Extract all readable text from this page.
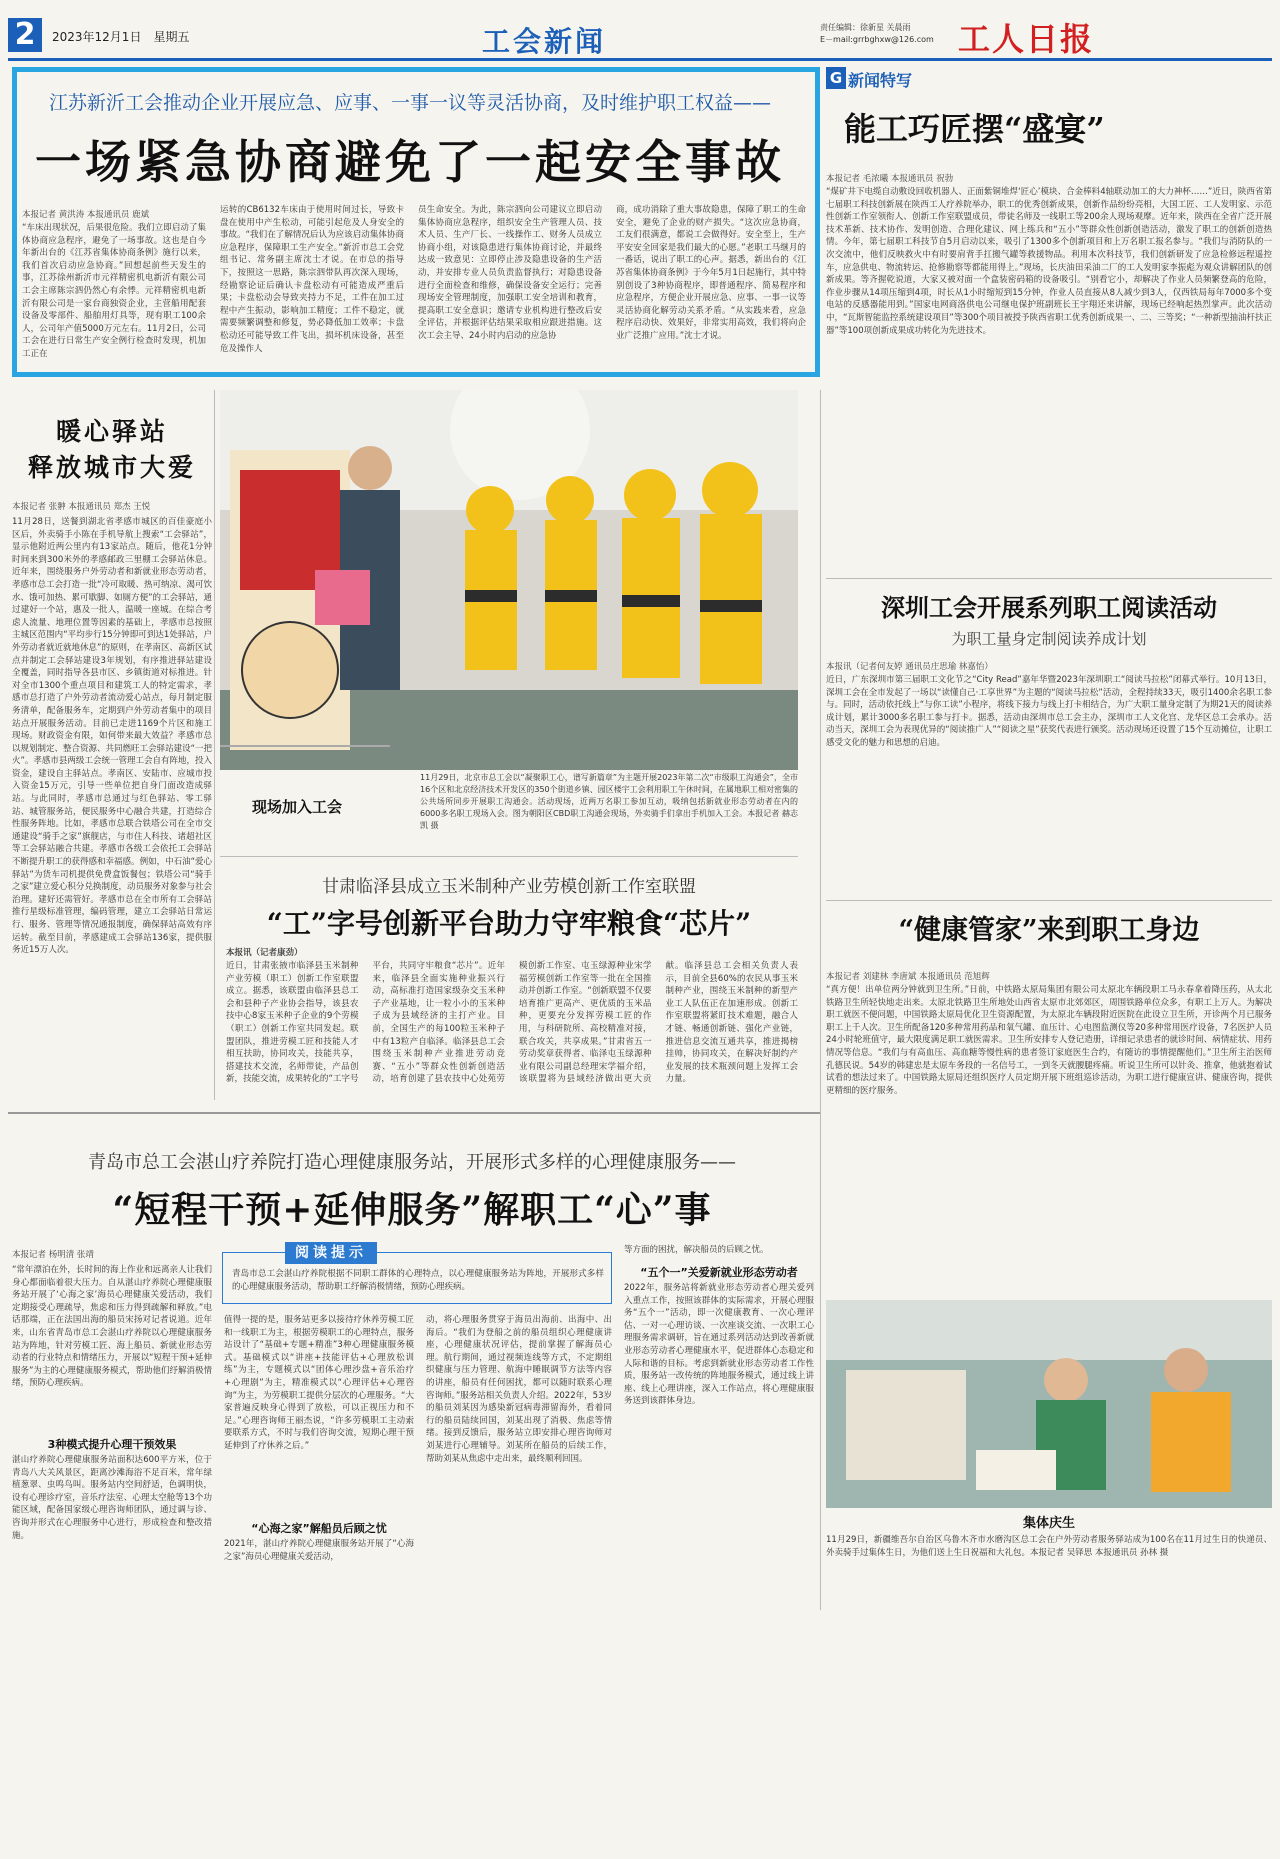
2	2023年12月1日　星期五	工会新闻	责任编辑：徐新星 关晨雨
E－mail:grrbghxw@126.com 工人日报
江苏新沂工会推动企业开展应急、应事、一事一议等灵活协商，及时维护职工权益——
一场紧急协商避免了一起安全事故
本报记者 黄洪涛 本报通讯员 鹿斌
“车床出现状况，后果很危险。我们立即启动了集体协商应急程序，避免了一场事故。这也是自今年新出台的《江苏省集体协商条例》施行以来，我们首次启动应急协商。”回想起前些天发生的事，江苏徐州新沂市元祥精密机电新沂有限公司工会主席陈宗泗仍然心有余悸。元祥精密机电新沂有限公司是一家台商独资企业，主营船用配套设备及零部件、船舶用灯具等，现有职工100余人，公司年产值5000万元左右。11月2日，公司工会在进行日常生产安全例行检查时发现，机加工正在
运转的CB6132车床由于使用时间过长，导致卡盘在使用中产生松动，可能引起危及人身安全的事故。“我们在了解情况后认为应该启动集体协商应急程序，保障职工生产安全。”新沂市总工会党组书记、常务副主席沈士才说。在市总的指导下，按照这一思路，陈宗泗带队再次深入现场，经勘察论证后确认卡盘松动有可能造成严重后果；卡盘松动会导致夹持力不足，工件在加工过程中产生振动，影响加工精度；工件不稳定，就需要频繁调整和修复，势必降低加工效率；卡盘松动还可能导致工件飞出，损坏机床设备，甚至危及操作人
员生命安全。为此，陈宗泗向公司建议立即启动集体协商应急程序，组织安全生产管理人员、技术人员、生产厂长、一线操作工、财务人员成立协商小组，对该隐患进行集体协商讨论，并最终达成一致意见：立即停止涉及隐患设备的生产活动，并安排专业人员负责监督执行；对隐患设备进行全面检查和维修，确保设备安全运行；完善现场安全管理制度，加强职工安全培训和教育，提高职工安全意识；邀请专业机构进行整改后安全评估，并根据评估结果采取相应跟进措施。这次工会主导、24小时内启动的应急协
商，成功消除了重大事故隐患，保障了职工的生命安全，避免了企业的财产损失。“这次应急协商，工友们很满意，都说工会做得好。安全至上，生产平安安全回家是我们最大的心愿。”老职工马继月的一番话，说出了职工的心声。据悉，新出台的《江苏省集体协商条例》于今年5月1日起施行，其中特别创设了3种协商程序，即普通程序、简易程序和应急程序，方便企业开展应急、应事、一事一议等灵活协商化解劳动关系矛盾。“从实践来看，应急程序启动快、效果好，非常实用高效，我们将向企业广泛推广应用。”沈士才说。
G 新闻特写
能工巧匠摆“盛宴”
本报记者 毛浓曦 本报通讯员 祝勃
“煤矿井下电缆自动敷设回收机器人、正面紫铜堆焊‘匠心’模块、合金棒料4轴联动加工的大力神杯……”近日，陕西省第七届职工科技创新展在陕西工人疗养院举办，职工的优秀创新成果，创新作品纷纷亮相，大国工匠、工人发明家、示范性创新工作室领衔人、创新工作室联盟成员，带徒名师及一线职工等200余人现场观摩。近年来，陕西在全省广泛开展技术革新、技术协作、发明创造、合理化建议、网上练兵和“五小”等群众性创新创造活动，激发了职工的创新创造热情。今年，第七届职工科技节自5月启动以来，吸引了1300多个创新项目和上万名职工报名参与。“我们与消防队的一次交流中，他们反映救火中有时要肩背手扛搬气罐等救援物品。利用本次科技节，我们创新研发了应急检修远程遥控车，应急供电、物流转运、抢修勘察等都能用得上。”现场，长庆油田采油二厂的工人发明家李振彪为观众讲解团队的创新成果。等齐握乾说道，大家又被对面一个盒装密码箱的设备吸引。“别看它小，却解决了作业人员频繁登高的危险，作业步骤从14项压缩到4项，时长从1小时缩短到15分钟，作业人员直接从8人减少到3人，仅西铁局每年7000多个变电站的反感器能用到。”国家电网商洛供电公司继电保护班副班长王宇翔还来讲解，现场已经响起热烈掌声。此次活动中，“瓦斯智能监控系统建设项目”等300个项目被授予陕西省职工优秀创新成果一、二、三等奖；“一种新型抽油杆扶正器”等100项创新成果成功转化为先进技术。
深圳工会开展系列职工阅读活动
为职工量身定制阅读养成计划
本报讯（记者何友婷 通讯员庄思瑜 林嘉怡）
近日，广东深圳市第三届职工文化节之“City Read”嘉年华暨2023年深圳职工“阅读马拉松”闭幕式举行。10月13日，深圳工会在全市发起了一场以“读懂自己·工享世界”为主题的“阅读马拉松”活动，全程持续33天，吸引1400余名职工参与。同时，活动依托线上“与你工读”小程序，将线下接力与线上打卡相结合，为广大职工量身定制了为期21天的阅读养成计划，累计3000多名职工参与打卡。据悉，活动由深圳市总工会主办，深圳市工人文化宫、龙华区总工会承办。活动当天，深圳工会为表现优异的“阅读推广人”“阅读之星”获奖代表进行颁奖。活动现场还设置了15个互动摊位，让职工感受文化的魅力和思想的启迪。
“健康管家”来到职工身边
本报记者 刘建林 李唐斌 本报通讯员 范旭辉
“真方便！出单位两分钟就到卫生所。”日前，中铁路太原局集团有限公司太原北车辆段职工马永春拿着降压药，从太北铁路卫生所轻快地走出来。太原北铁路卫生所地处山西省太原市北郊郊区，周围铁路单位众多，有职工上万人。为解决职工就医不便问题，中国铁路太原局优化卫生资源配置，为太原北车辆段附近医院在此设立卫生所，开诊两个月已服务职工上千人次。卫生所配备120多种常用药品和氧气罐、血压计、心电图监测仪等20多种常用医疗设备，7名医护人员24小时轮班值守，最大限度满足职工就医需求。卫生所安排专人登记造册，详细记录患者的就诊时间、病情症状、用药情况等信息。“我们与有高血压、高血糖等慢性病的患者签订家庭医生合约，有随访的事情提醒他们。”卫生所主治医师孔德民说。54岁的韩建忠是太原车务段的一名信号工，一到冬天就腰腿疼痛。听说卫生所可以针灸、推拿，他就抱着试试看的想法过来了。中国铁路太原局还组织医疗人员定期开展下班组巡诊活动，为职工进行健康宣讲、健康咨询，提供更精细的医疗服务。
集体庆生
11月29日，新疆维吾尔自治区乌鲁木齐市水磨沟区总工会在户外劳动者服务驿站成为100名在11月过生日的快递员、外卖骑手过集体生日，为他们送上生日祝福和大礼包。本报记者 吴铎思 本报通讯员 孙林 摄
暖心驿站
释放城市大爱
本报记者 张翀 本报通讯员 郑杰 王悦
11月28日，送餐到湖北省孝感市城区的百佳豪庭小区后，外卖骑手小陈在手机导航上搜索“工会驿站”，显示他附近两公里内有13家站点。随后，他花1分钟时间来到300米外的孝感邮政三里棚工会驿站休息。近年来，围绕服务户外劳动者和新就业形态劳动者，孝感市总工会打造一批“冷可取暖、热可纳凉、渴可饮水、饿可加热、累可歇脚、如厕方便”的工会驿站，通过建好一个站，惠及一批人，温暖一座城。在综合考虑人流量、地理位置等因素的基础上，孝感市总按照主城区范围内“平均步行15分钟即可到达1处驿站，户外劳动者就近就地休息”的原则，在孝南区、高新区试点并制定工会驿站建设3年规划，有序推进驿站建设全覆盖，同时指导各县市区、乡镇街道对标推进。针对全市1300个重点项目和建筑工人的特定需求，孝感市总打造了户外劳动者流动爱心站点，每月制定服务清单，配备服务车，定期到户外劳动者集中的项目站点开展服务活动。目前已走进1169个片区和施工现场。财政资金有限，如何带来最大效益？孝感市总以规划制定、整合资源、共同燃旺工会驿站建设“一把火”。孝感市县两级工会统一管理工会自有阵地，投入资金，建设自主驿站点。孝南区、安陆市、应城市投入资金15万元，引导一些单位把自身门面改造成驿站。与此同时，孝感市总通过与红色驿站、零工驿站、城管服务站，便民服务中心融合共建，打造综合性服务阵地。比如，孝感市总联合铁塔公司在全市交通建设“骑手之家”旗舰店，与市住人科技、诸超社区等工会驿站融合共建。孝感市各级工会依托工会驿站不断提升职工的获得感和幸福感。例如，中石油“爱心驿站”为货车司机提供免费盒饭餐包；铁塔公司“骑手之家”建立爱心积分兑换制度，动员服务对象参与社会治理。建好还需管好。孝感市总在全市所有工会驿站推行星级标准管理，编码管理，建立工会驿站日常运行、服务、管理等情况通报制度，确保驿站高效有序运转。截至目前，孝感建成工会驿站136家，提供服务近15万人次。
现场加入工会
11月29日，北京市总工会以“凝聚职工心，谱写新篇章”为主题开展2023年第二次“市级职工沟通会”，全市16个区和北京经济技术开发区的350个街道乡镇、园区楼宇工会利用职工午休时间，在属地职工相对密集的公共场所同步开展职工沟通会。活动现场，近两万名职工参加互动，吸纳包括新就业形态劳动者在内的6000多名职工现场入会。图为朝阳区CBD职工沟通会现场，外卖骑手们拿出手机加入工会。本报记者 赫志凯 摄
甘肃临泽县成立玉米制种产业劳模创新工作室联盟
“工”字号创新平台助力守牢粮食“芯片”
本报讯（记者康劲）
近日，甘肃张掖市临泽县玉米制种产业劳模（职工）创新工作室联盟成立。据悉，该联盟由临泽县总工会和县种子产业协会指导，该县农技中心8家玉米种子企业的9个劳模（职工）创新工作室共同发起。联盟团队，推进劳模工匠和技能人才相互扶助，协同攻关，技能共享，搭建技术交流，名师带徒，产品创新，技能交流，成果转化的“工字号平台，共同守牢粮食“芯片”。近年来，临泽县全面实施种业振兴行动，高标准打造国家级杂交玉米种子产业基地，让一粒小小的玉米种子成为县域经济的主打产业。目前，全国生产的每100粒玉米种子中有13粒产自临泽。临泽县总工会围绕玉米制种产业推进劳动竞赛、“五小”等群众性创新创造活动，培育创建了县农技中心处苑劳模创新工作室、屯玉绿源种业宋学福劳模创新工作室等一批在全国推动并创新工作室。“创新联盟不仅要培育推广更高产、更优质的玉米品种，更要充分发挥劳模工匠的作用，与科研院所、高校精准对接，联合攻关，共享成果。”甘肃省五一劳动奖章获得者、临泽屯玉绿源种业有限公司副总经理宋学福介绍，该联盟将为县域经济做出更大贡献。临泽县总工会相关负责人表示，目前全县60%的农民从事玉米制种产业，围绕玉米制种的新型产业工人队伍正在加速形成。创新工作室联盟将紧盯技术难题，融合人才链、畅通创新链、强化产业链，推进信息交流互通共享，推进揭榜挂帅，协同攻关，在解决好制约产业发展的技术瓶颈问题上发挥工会力量。
青岛市总工会湛山疗养院打造心理健康服务站，开展形式多样的心理健康服务——
“短程干预+延伸服务”解职工“心”事
本报记者 杨明清 张靖	阅读提示
青岛市总工会湛山疗养院根据不同职工群体的心理特点，以心理健康服务站为阵地，开展形式多样的心理健康服务活动，帮助职工纾解消极情绪，预防心理疾病。
“常年漂泊在外，长时间的海上作业和远离亲人让我们身心都面临着很大压力。自从湛山疗养院心理健康服务站开展了‘心海之家’海员心理健康关爱活动，我们定期接受心理疏导，焦虑和压力得到疏解和释放。”电话那端，正在法国出海的船员宋扬对记者说道。近年来，山东省青岛市总工会湛山疗养院以心理健康服务站为阵地，针对劳模工匠、海上船员、新就业形态劳动者的行业特点和情绪压力，开展以“短程干预+延伸服务”为主的心理健康服务模式，帮助他们纾解消极情绪，预防心理疾病。
3种模式提升心理干预效果
湛山疗养院心理健康服务站面积达600平方米，位于青岛八大关风景区，距离沙滩海浴不足百米，常年绿植葱翠、虫鸣鸟叫。服务站内空间舒适，色调明快，设有心理诊疗室，音乐疗法室、心理太空舱等13个功能区域，配备国家级心理咨询师团队，通过调与诊、咨询并形式在心理服务中心进行，形成检查和整改措施。
值得一提的是，服务站更多以接待疗休养劳模工匠和一线职工为主，根据劳模职工的心理特点，服务站设计了“基础+专题+精准”3种心理健康服务模式。基础模式以“讲座+技能评估+心理放松训练”为主，专题模式以“团体心理沙盘+音乐治疗+心理剧”为主，精准模式以“心理评估+心理咨询”为主，为劳模职工提供分层次的心理服务。“大家普遍反映身心得到了放松，可以正视压力和不足。”心理咨询师王丽杰说，“许多劳模职工主动索要联系方式，不时与我们咨询交流，短期心理干预延伸到了疗休养之后。”
“心海之家”解船员后顾之忧
2021年，湛山疗养院心理健康服务站开展了“心海之家”海员心理健康关爱活动，
动，将心理服务贯穿于海员出海前、出海中、出海后。“我们为登船之前的船员组织心理健康讲座，心理健康状况评估，提前掌握了解海员心理。航行期间，通过视频连线等方式，不定期组织健康与压力管理、航海中睡眠调节方法等内容的讲座，船员有任何困扰，都可以随时联系心理咨询师。”服务站相关负责人介绍。2022年，53岁的船员刘某因为感染新冠病毒滞留海外，看着同行的船员陆续回国，刘某出现了消极、焦虑等情绪。接到反馈后，服务站立即安排心理咨询师对刘某进行心理辅导。刘某所在船员的后续工作，帮助刘某从焦虑中走出来，最终顺利回国。
等方面的困扰，解决船员的后顾之忧。
“五个一”关爱新就业形态劳动者
2022年，服务站将新就业形态劳动者心理关爱列入重点工作，按照该群体的实际需求，开展心理服务“五个一”活动，即一次健康教育、一次心理评估、一对一心理访谈、一次座谈交流、一次职工心理服务需求调研，旨在通过系列活动达到改善新就业形态劳动者心理健康水平，促进群体心态稳定和人际和谐的目标。考虑到新就业形态劳动者工作性质，服务站一改传统的阵地服务模式，通过线上讲座、线上心理讲座，深入工作站点，将心理健康服务送到该群体身边。
